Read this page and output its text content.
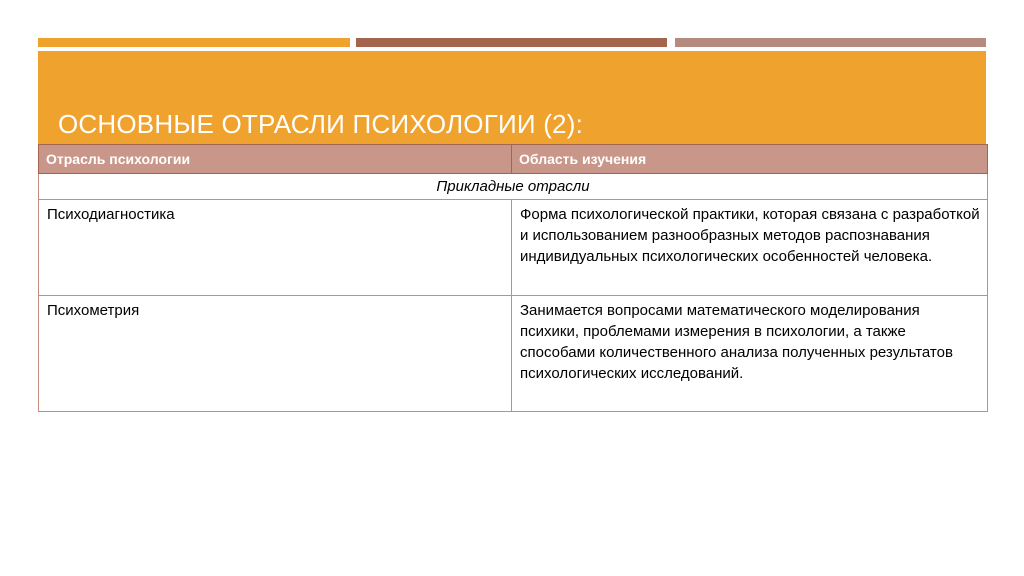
ОСНОВНЫЕ ОТРАСЛИ ПСИХОЛОГИИ (2):
Отрасль психологии	Область изучения
Прикладные отрасли	
Психодиагностика	Форма психологической практики, которая связана с разработкой и использованием разнообразных методов распознавания индивидуальных психологических особенностей человека.
Психометрия	Занимается вопросами математического моделирования психики, проблемами измерения в психологии, а также способами количественного анализа полученных результатов психологических исследований.
